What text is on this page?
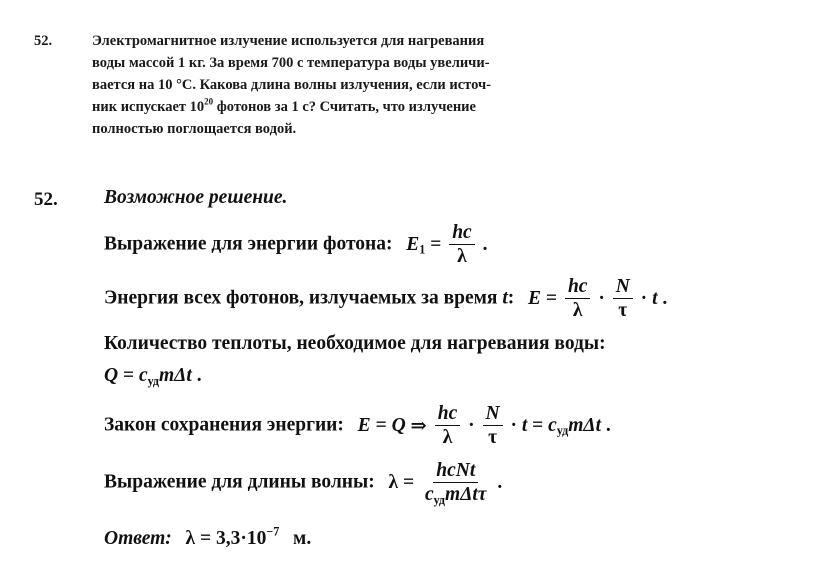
52.	Электромагнитное излучение используется для нагревания
воды массой 1 кг. За время 700 с температура воды увеличи-
вается на 10 °С. Какова длина волны излучения, если источ-
ник испускает $10^{20}$ фотонов за 1 с? Считать, что излучение
полностью поглощается водой.
52. Возможное решение.
Выражение для энергии фотона: $E_1 = \frac{hc}{\lambda}$ .
Энергия всех фотонов, излучаемых за время t: $E = \frac{hc}{\lambda} \cdot \frac{N}{\tau} \cdot t$ .
Количество теплоты, необходимое для нагревания воды:
$Q = c_{уд}m\Delta t$ .
Закон сохранения энергии: E = Q ⇒ $\frac{hc}{\lambda} \cdot \frac{N}{\tau} \cdot t = c_{уд}m\Delta t$ .
Выражение для длины волны: $\lambda = \frac{\text{hcNt}}{c_{уд}m\Delta t\tau}$ .
Ответ: $\lambda = 3,3\cdot 10^{-7}$ м.
